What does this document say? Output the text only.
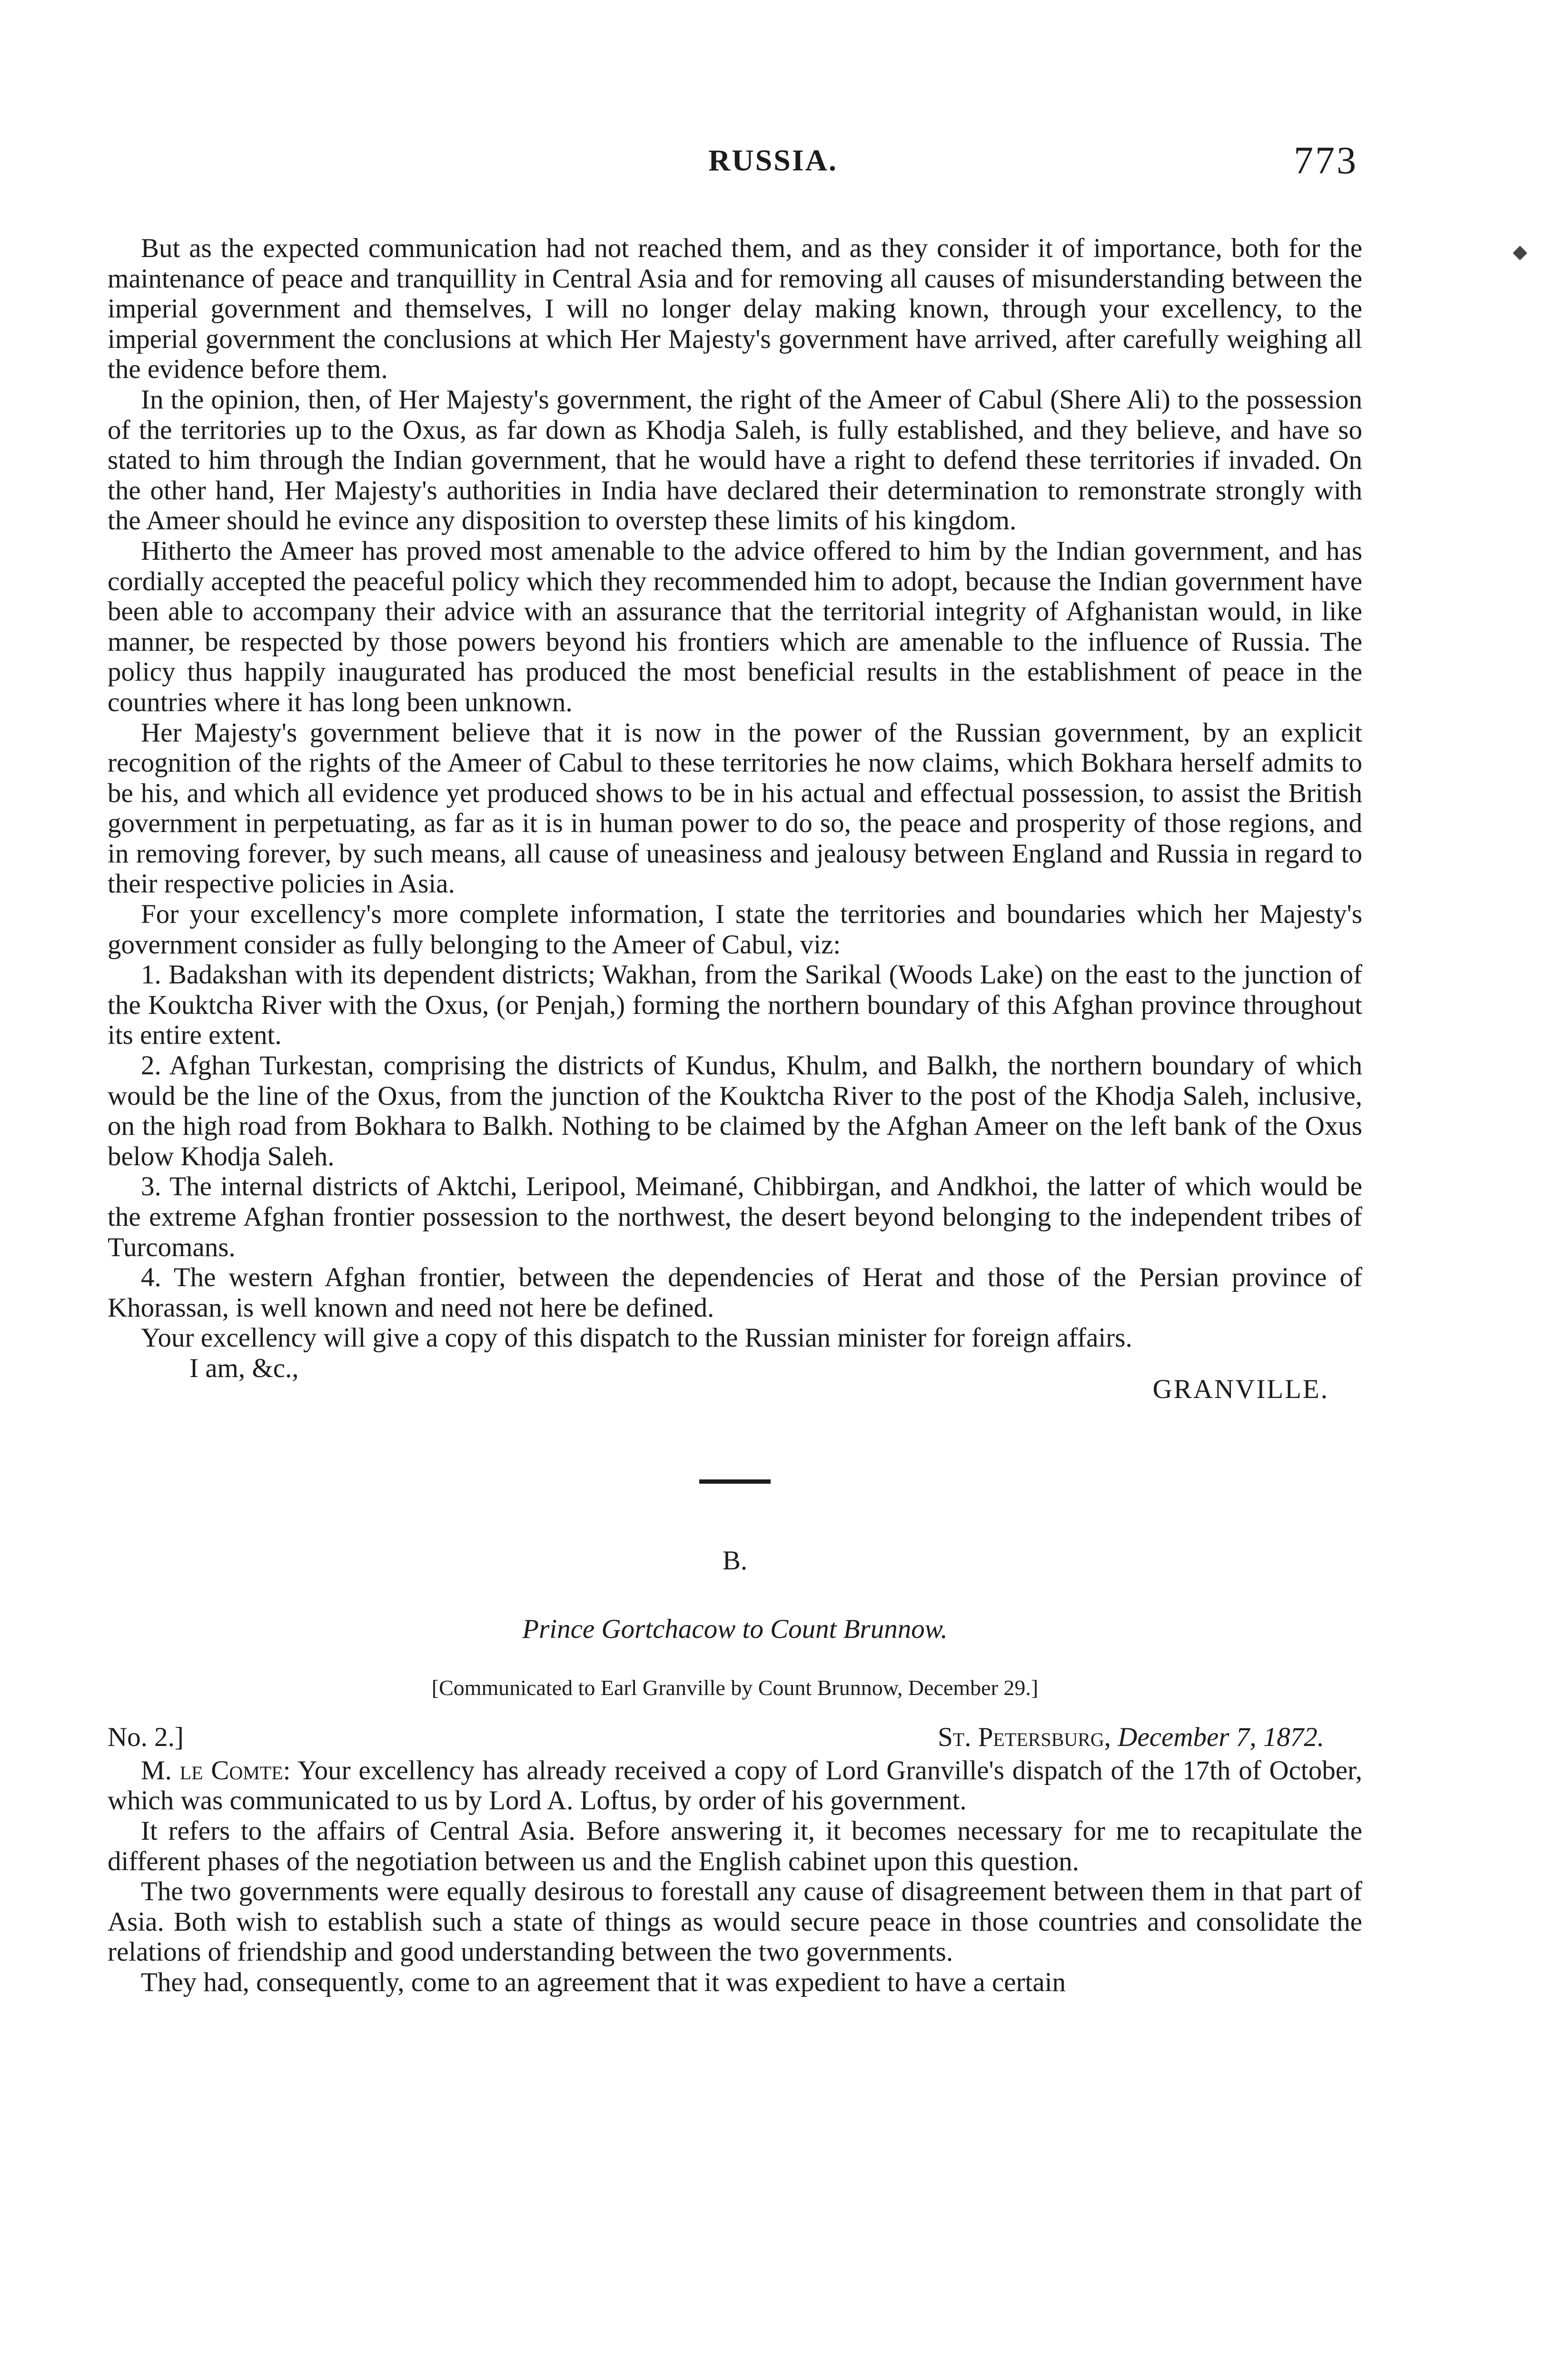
RUSSIA.	773
◆

But as the expected communication had not reached them, and as they consider it of importance, both for the maintenance of peace and tranquillity in Central Asia and for removing all causes of misunderstanding between the imperial government and themselves, I will no longer delay making known, through your excellency, to the imperial government the conclusions at which Her Majesty's government have arrived, after carefully weighing all the evidence before them.

In the opinion, then, of Her Majesty's government, the right of the Ameer of Cabul (Shere Ali) to the possession of the territories up to the Oxus, as far down as Khodja Saleh, is fully established, and they believe, and have so stated to him through the Indian government, that he would have a right to defend these territories if invaded. On the other hand, Her Majesty's authorities in India have declared their determination to remonstrate strongly with the Ameer should he evince any disposition to overstep these limits of his kingdom.

Hitherto the Ameer has proved most amenable to the advice offered to him by the Indian government, and has cordially accepted the peaceful policy which they recommended him to adopt, because the Indian government have been able to accompany their advice with an assurance that the territorial integrity of Afghanistan would, in like manner, be respected by those powers beyond his frontiers which are amenable to the influence of Russia. The policy thus happily inaugurated has produced the most beneficial results in the establishment of peace in the countries where it has long been unknown.

Her Majesty's government believe that it is now in the power of the Russian government, by an explicit recognition of the rights of the Ameer of Cabul to these territories he now claims, which Bokhara herself admits to be his, and which all evidence yet produced shows to be in his actual and effectual possession, to assist the British government in perpetuating, as far as it is in human power to do so, the peace and prosperity of those regions, and in removing forever, by such means, all cause of uneasiness and jealousy between England and Russia in regard to their respective policies in Asia.

For your excellency's more complete information, I state the territories and boundaries which her Majesty's government consider as fully belonging to the Ameer of Cabul, viz:

1. Badakshan with its dependent districts; Wakhan, from the Sarikal (Woods Lake) on the east to the junction of the Kouktcha River with the Oxus, (or Penjah,) forming the northern boundary of this Afghan province throughout its entire extent.

2. Afghan Turkestan, comprising the districts of Kundus, Khulm, and Balkh, the northern boundary of which would be the line of the Oxus, from the junction of the Kouktcha River to the post of the Khodja Saleh, inclusive, on the high road from Bokhara to Balkh. Nothing to be claimed by the Afghan Ameer on the left bank of the Oxus below Khodja Saleh.

3. The internal districts of Aktchi, Leripool, Meimané, Chibbirgan, and Andkhoi, the latter of which would be the extreme Afghan frontier possession to the northwest, the desert beyond belonging to the independent tribes of Turcomans.

4. The western Afghan frontier, between the dependencies of Herat and those of the Persian province of Khorassan, is well known and need not here be defined.

Your excellency will give a copy of this dispatch to the Russian minister for foreign affairs.

I am, &c.,
GRANVILLE.
B.
Prince Gortchacow to Count Brunnow.
[Communicated to Earl Granville by Count Brunnow, December 29.]
No. 2.]	St. Petersburg, December 7, 1872.

M. le Comte: Your excellency has already received a copy of Lord Granville's dispatch of the 17th of October, which was communicated to us by Lord A. Loftus, by order of his government.

It refers to the affairs of Central Asia. Before answering it, it becomes necessary for me to recapitulate the different phases of the negotiation between us and the English cabinet upon this question.

The two governments were equally desirous to forestall any cause of disagreement between them in that part of Asia. Both wish to establish such a state of things as would secure peace in those countries and consolidate the relations of friendship and good understanding between the two governments.

They had, consequently, come to an agreement that it was expedient to have a certain
